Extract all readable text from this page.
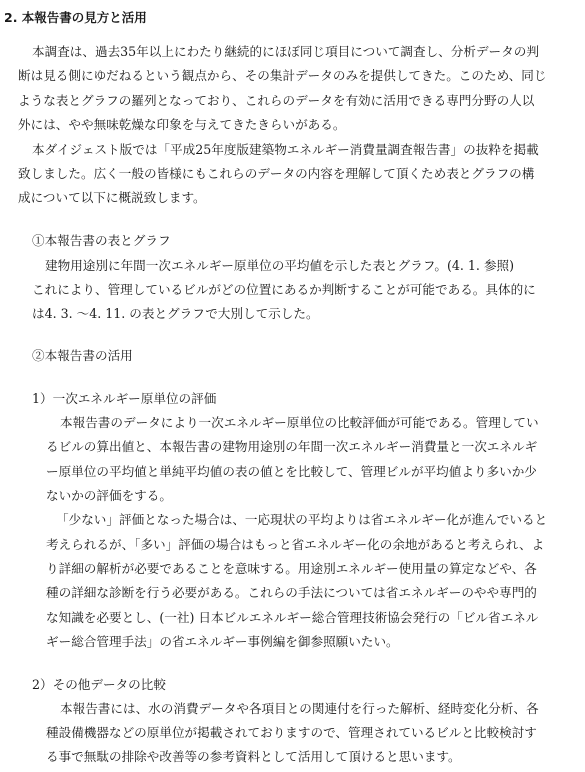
2. 本報告書の見方と活用
本調査は、過去35年以上にわたり継続的にほぼ同じ項目について調査し、分析データの判
断は見る側にゆだねるという観点から、その集計データのみを提供してきた。このため、同じ
ような表とグラフの羅列となっており、これらのデータを有効に活用できる専門分野の人以
外には、やや無味乾燥な印象を与えてきたきらいがある。
本ダイジェスト版では「平成25年度版建築物エネルギー消費量調査報告書」の抜粋を掲載
致しました。広く一般の皆様にもこれらのデータの内容を理解して頂くため表とグラフの構
成について以下に概説致します。
①本報告書の表とグラフ
建物用途別に年間一次エネルギー原単位の平均値を示した表とグラフ。(4. 1. 参照)
これにより、管理しているビルがどの位置にあるか判断することが可能である。具体的に
は4. 3. ～4. 11. の表とグラフで大別して示した。
②本報告書の活用
1）一次エネルギー原単位の評価
本報告書のデータにより一次エネルギー原単位の比較評価が可能である。管理してい
るビルの算出値と、本報告書の建物用途別の年間一次エネルギー消費量と一次エネルギ
ー原単位の平均値と単純平均値の表の値とを比較して、管理ビルが平均値より多いか少
ないかの評価をする。
「少ない」評価となった場合は、一応現状の平均よりは省エネルギー化が進んでいると
考えられるが、「多い」評価の場合はもっと省エネルギー化の余地があると考えられ、よ
り詳細の解析が必要であることを意味する。用途別エネルギー使用量の算定などや、各
種の詳細な診断を行う必要がある。これらの手法については省エネルギーのやや専門的
な知識を必要とし、(一社) 日本ビルエネルギー総合管理技術協会発行の「ビル省エネル
ギー総合管理手法」の省エネルギー事例編を御参照願いたい。
2）その他データの比較
本報告書には、水の消費データや各項目との関連付を行った解析、経時変化分析、各
種設備機器などの原単位が掲載されておりますので、管理されているビルと比較検討す
る事で無駄の排除や改善等の参考資料として活用して頂けると思います。
